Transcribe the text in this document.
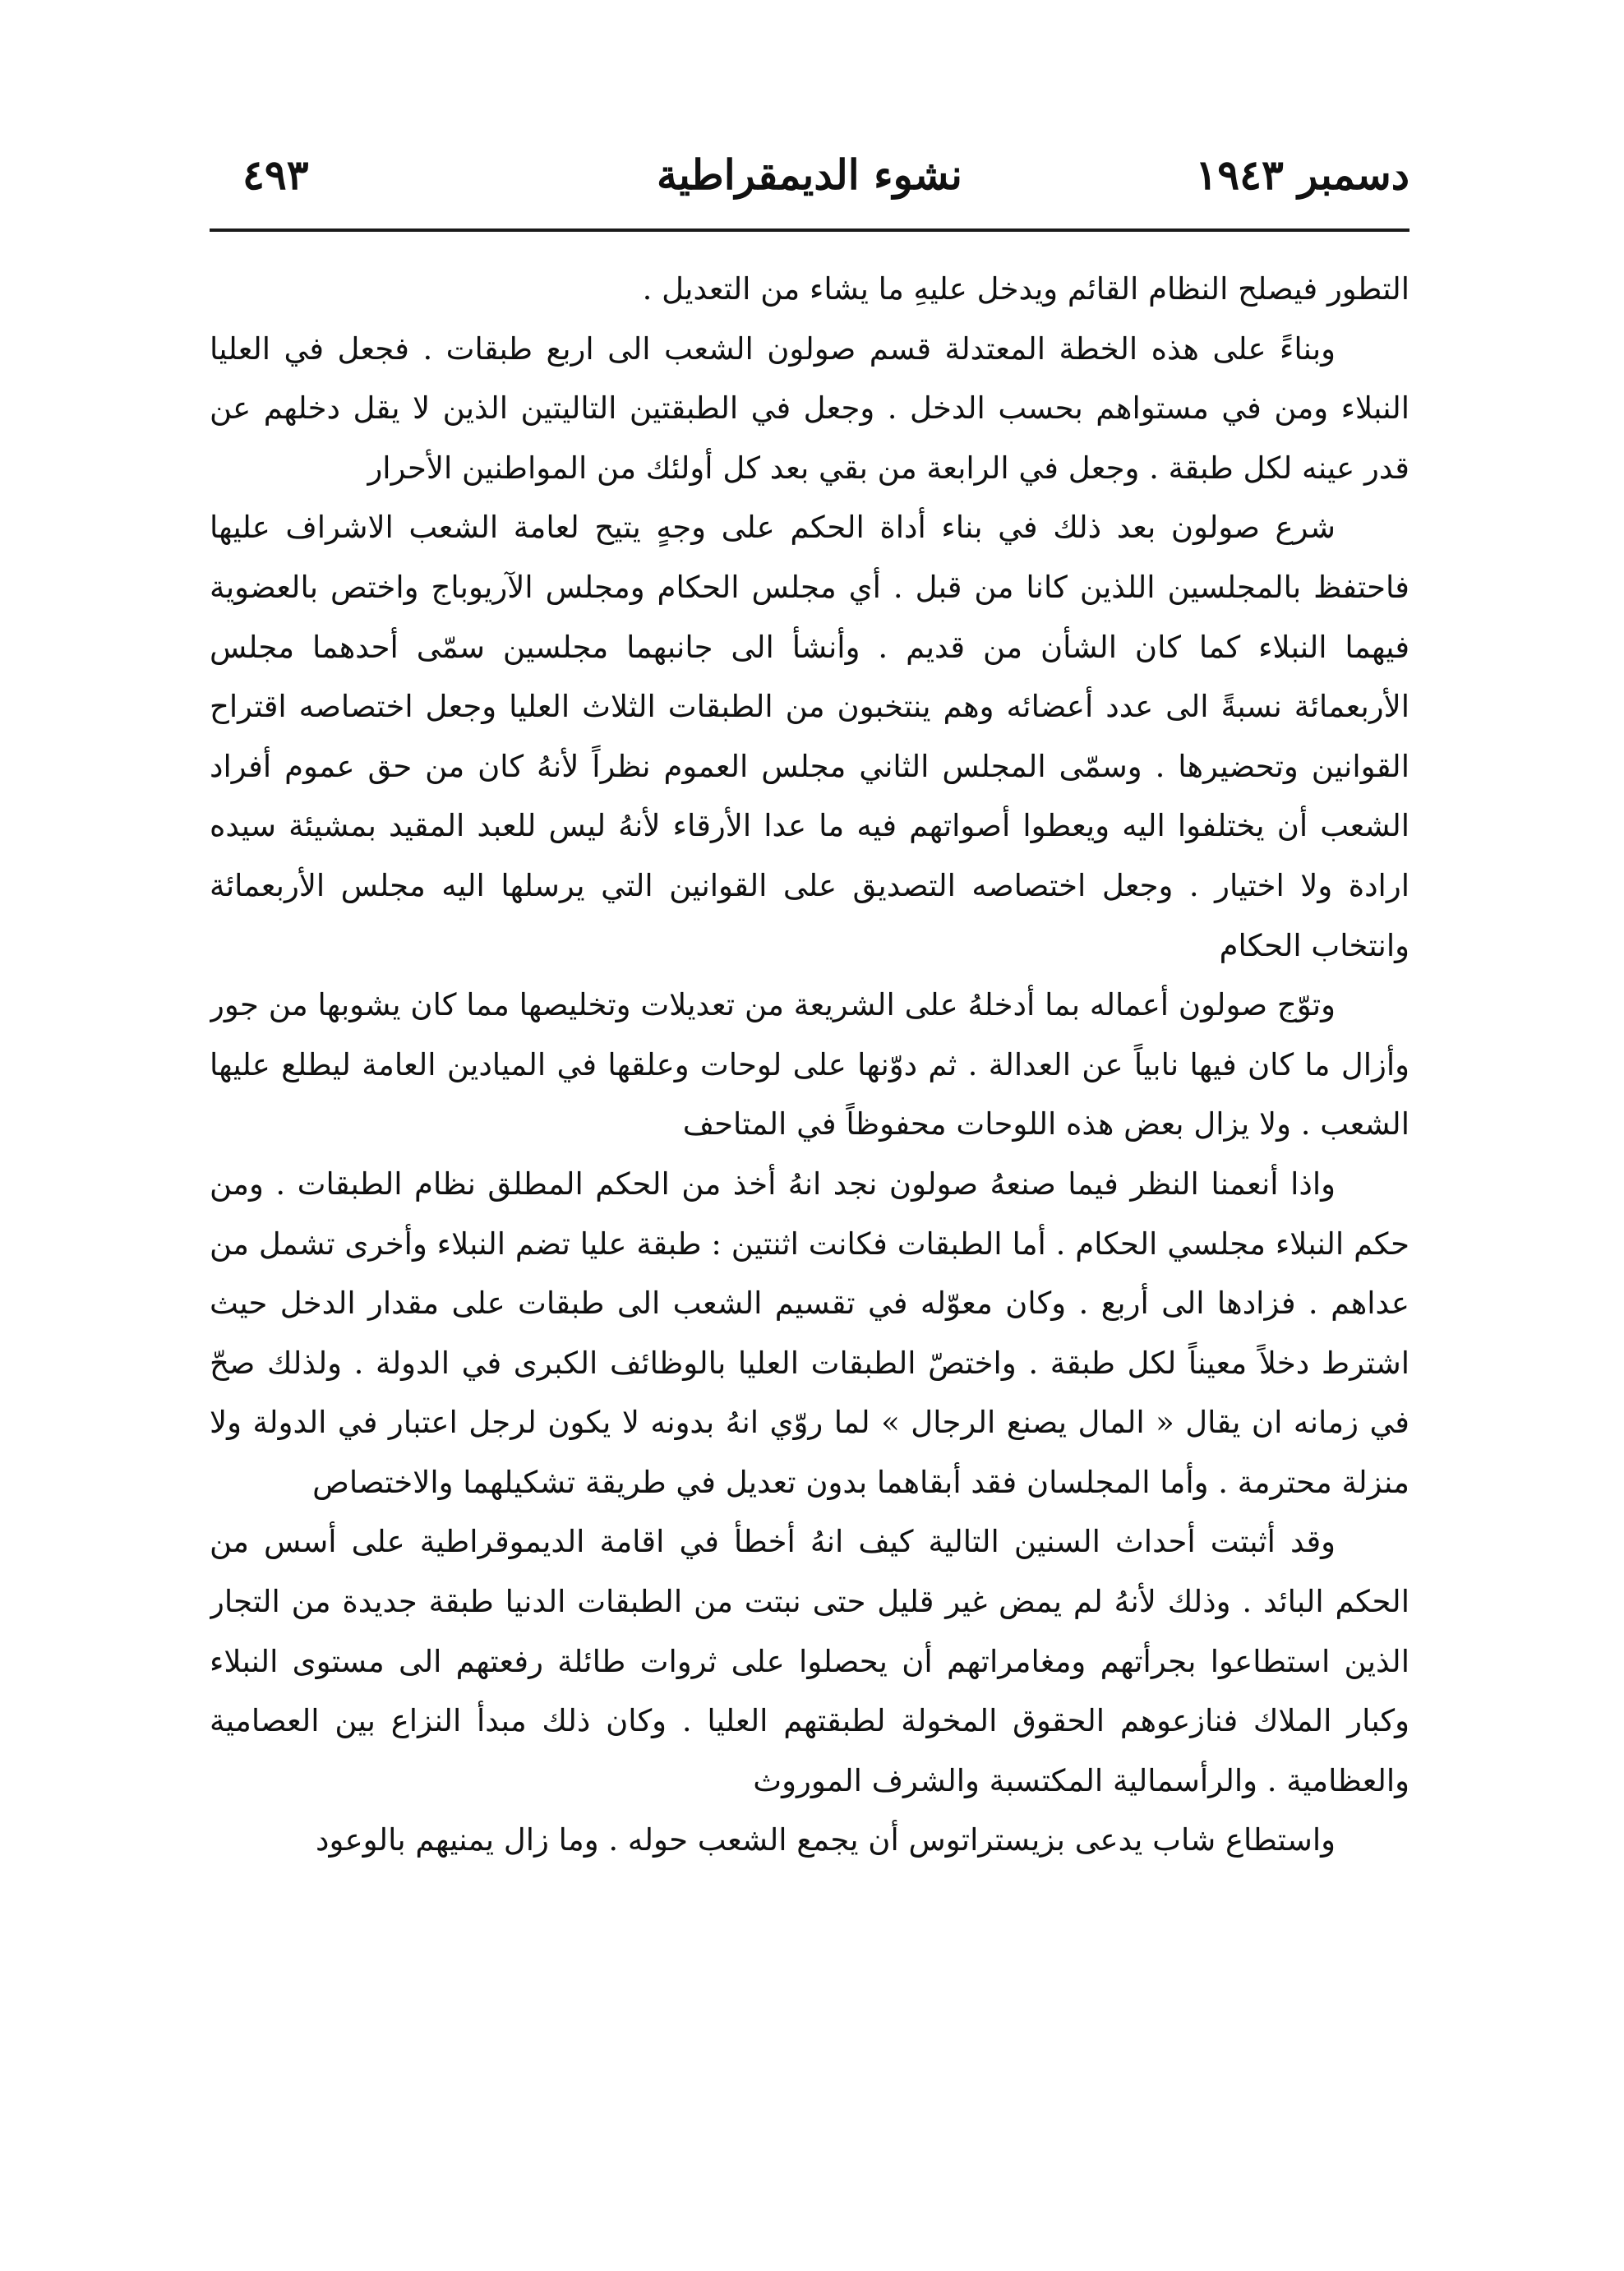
دسمبر ١٩٤٣
نشوء الديمقراطية
٤٩٣

التطور فيصلح النظام القائم ويدخل عليهِ ما يشاء من التعديل .

وبناءً على هذه الخطة المعتدلة قسم صولون الشعب الى اربع طبقات . فجعل في العليا النبلاء ومن في مستواهم بحسب الدخل . وجعل في الطبقتين التاليتين الذين لا يقل دخلهم عن قدر عينه لكل طبقة . وجعل في الرابعة من بقي بعد كل أولئك من المواطنين الأحرار

شرع صولون بعد ذلك في بناء أداة الحكم على وجهٍ يتيح لعامة الشعب الاشراف عليها فاحتفظ بالمجلسين اللذين كانا من قبل . أي مجلس الحكام ومجلس الآريوباج واختص بالعضوية فيهما النبلاء كما كان الشأن من قديم . وأنشأ الى جانبهما مجلسين سمّى أحدهما مجلس الأربعمائة نسبةً الى عدد أعضائه وهم ينتخبون من الطبقات الثلاث العليا وجعل اختصاصه اقتراح القوانين وتحضيرها . وسمّى المجلس الثاني مجلس العموم نظراً لأنهُ كان من حق عموم أفراد الشعب أن يختلفوا اليه ويعطوا أصواتهم فيه ما عدا الأرقاء لأنهُ ليس للعبد المقيد بمشيئة سيده ارادة ولا اختيار . وجعل اختصاصه التصديق على القوانين التي يرسلها اليه مجلس الأربعمائة وانتخاب الحكام

وتوّج صولون أعماله بما أدخلهُ على الشريعة من تعديلات وتخليصها مما كان يشوبها من جور وأزال ما كان فيها نابياً عن العدالة . ثم دوّنها على لوحات وعلقها في الميادين العامة ليطلع عليها الشعب . ولا يزال بعض هذه اللوحات محفوظاً في المتاحف

واذا أنعمنا النظر فيما صنعهُ صولون نجد انهُ أخذ من الحكم المطلق نظام الطبقات . ومن حكم النبلاء مجلسي الحكام . أما الطبقات فكانت اثنتين : طبقة عليا تضم النبلاء وأخرى تشمل من عداهم . فزادها الى أربع . وكان معوّله في تقسيم الشعب الى طبقات على مقدار الدخل حيث اشترط دخلاً معيناً لكل طبقة . واختصّ الطبقات العليا بالوظائف الكبرى في الدولة . ولذلك صحّ في زمانه ان يقال « المال يصنع الرجال » لما روّي انهُ بدونه لا يكون لرجل اعتبار في الدولة ولا منزلة محترمة . وأما المجلسان فقد أبقاهما بدون تعديل في طريقة تشكيلهما والاختصاص

وقد أثبتت أحداث السنين التالية كيف انهُ أخطأ في اقامة الديموقراطية على أسس من الحكم البائد . وذلك لأنهُ لم يمض غير قليل حتى نبتت من الطبقات الدنيا طبقة جديدة من التجار الذين استطاعوا بجرأتهم ومغامراتهم أن يحصلوا على ثروات طائلة رفعتهم الى مستوى النبلاء وكبار الملاك فنازعوهم الحقوق المخولة لطبقتهم العليا . وكان ذلك مبدأ النزاع بين العصامية والعظامية . والرأسمالية المكتسبة والشرف الموروث

واستطاع شاب يدعى بزيستراتوس أن يجمع الشعب حوله . وما زال يمنيهم بالوعود
